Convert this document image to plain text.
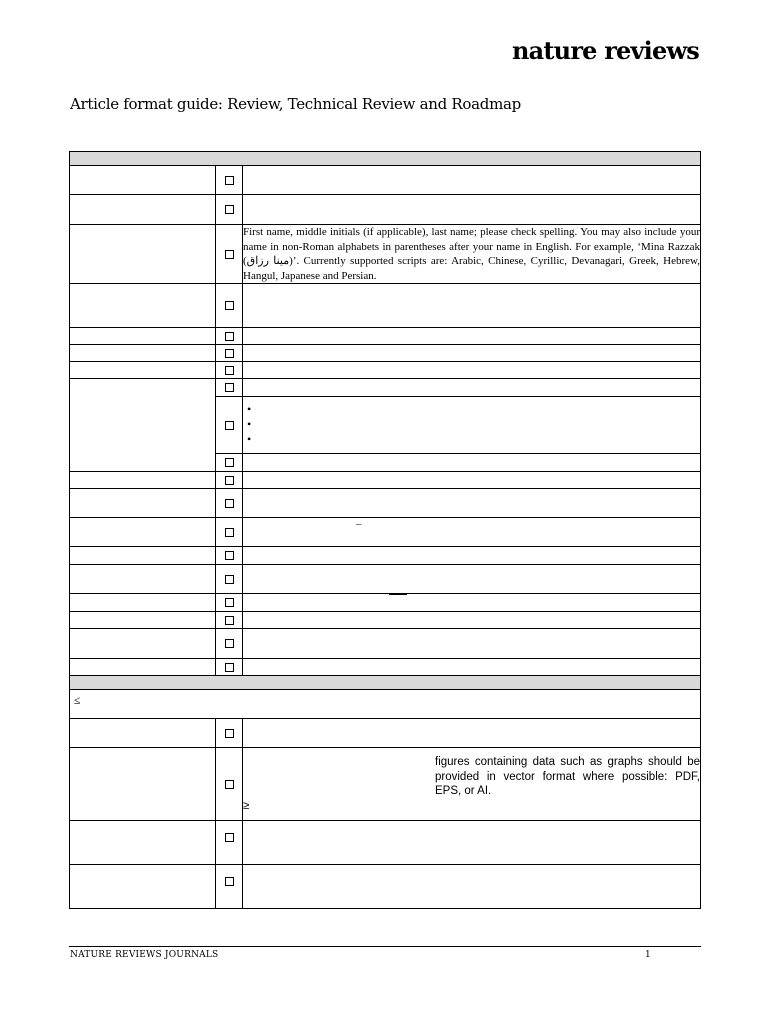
nature reviews
Article format guide: Review, Technical Review and Roadmap

		First name, middle initials (if applicable), last name; please check spelling. You may also include your name in non-Roman alphabets in parentheses after your name in English. For example, ‘Mina Razzak (مینا رزاق)’. Currently supported scripts are: Arabic, Chinese, Cyrillic, Devanagari, Greek, Hebrew, Hangul, Japanese and Persian.

•
•
•

≤		

		figures containing data such as graphs should be provided in vector format where possible: PDF, EPS, or AI.
≥

–
NATURE REVIEWS JOURNALS	1
